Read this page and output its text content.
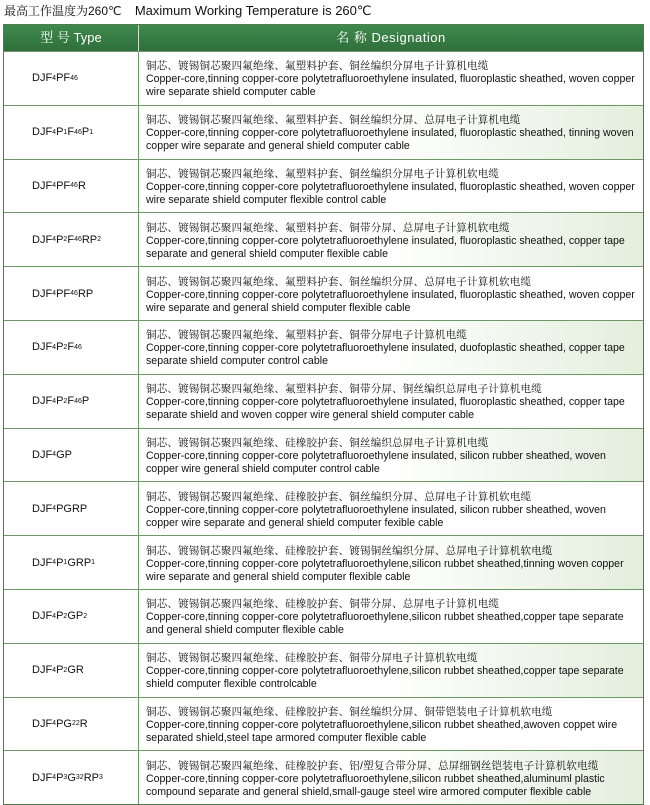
最高工作温度为260℃ Maximum Working Temperature is 260℃
型 号 Type	名 称 Designation
DJF 4 PF 46
铜芯、镀锡铜芯聚四氟绝缘、氟塑料护套、铜丝编织分屏电子计算机电缆
Copper-core,tinning copper-core polytetrafluoroethylene insulated, fluoroplastic sheathed, woven copper wire separate shield computer cable
DJF 4 P 1 F 46 P 1
铜芯、镀锡铜芯聚四氟绝缘、氟塑料护套、铜丝编织分屏、总屏电子计算机电缆
Copper-core,tinning copper-core polytetrafluoroethylene insulated, fluoroplastic sheathed, tinning woven copper wire separate and general shield computer cable
DJF 4 PF 46 R
铜芯、镀锡铜芯聚四氟绝缘、氟塑料护套、铜丝编织分屏电子计算机软电缆
Copper-core,tinning copper-core polytetrafluoroethylene insulated, fluoroplastic sheathed, woven copper wire separate shield computer flexible control cable
DJF 4 P 2 F 46 RP 2
铜芯、镀锡铜芯聚四氟绝缘、氟塑料护套、铜带分屏、总屏电子计算机软电缆
Copper-core,tinning copper-core polytetrafluoroethylene insulated, fluoroplastic sheathed, copper tape separate and general shield computer flexible cable
DJF 4 PF 46 RP
铜芯、镀锡铜芯聚四氟绝缘、氟塑料护套、铜丝编织分屏、总屏电子计算机软电缆
Copper-core,tinning copper-core polytetrafluoroethylene insulated, fluoroplastic sheathed, woven copper wire separate and general shield computer flexible cable
DJF 4 P 2 F 46
铜芯、镀锡铜芯聚四氟绝缘、氟塑料护套、铜带分屏电子计算机电缆
Copper-core,tinning copper-core polytetrafluoroethylene insulated, duofoplastic sheathed, copper tape separate shield computer control cable
DJF 4 P 2 F 46 P
铜芯、镀锡铜芯聚四氟绝缘、氟塑料护套、铜带分屏、铜丝编织总屏电子计算机电缆
Copper-core,tinning copper-core polytetrafluoroethylene insulated, fluoroplastic sheathed, copper tape separate shield and woven copper wire general shield computer cable
DJF 4 GP
铜芯、镀锡铜芯聚四氟绝缘、硅橡胶护套、铜丝编织总屏电子计算机电缆
Copper-core,tinning copper-core polytetrafluoroethylene insulated, silicon rubber sheathed, woven copper wire general shield computer control cable
DJF 4 PGRP
铜芯、镀锡铜芯聚四氟绝缘、硅橡胶护套、铜丝编织分屏、总屏电子计算机软电缆
Copper-core,tinning copper-core polytetrafluoroethylene insulated, silicon rubber sheathed, woven copper wire separate and general shield computer fexible cable
DJF 4 P 1 GRP 1
铜芯、镀锡铜芯聚四氟绝缘、硅橡胶护套、镀锡铜丝编织分屏、总屏电子计算机软电缆
Copper-core,tinning copper-core polytetrafluoroethylene,silicon rubbet sheathed,tinning woven copper wire separate and general shield computer flexible cable
DJF 4 P 2 GP 2
铜芯、镀锡铜芯聚四氟绝缘、硅橡胶护套、铜带分屏、总屏电子计算机电缆
Copper-core,tinning copper-core polytetrafluoroethylene,silicon rubbet sheathed,copper tape separate and general shield computer flexible cable
DJF 4 P 2 GR
铜芯、镀锡铜芯聚四氟绝缘、硅橡胶护套、铜带分屏电子计算机软电缆
Copper-core,tinning copper-core polytetrafluoroethylene,silicon rubbet sheathed,copper tape separate shield computer flexible controlcable
DJF 4 PG 22 R
铜芯、镀锡铜芯聚四氟绝缘、硅橡胶护套、铜丝编织分屏、铜带铠装电子计算机软电缆
Copper-core,tinning copper-core polytetrafluoroethylene,silicon rubbet sheathed,awoven coppet wire separated shield,steel tape armored computer flexible cable
DJF 4 P 3 G 32 RP 3
铜芯、镀锡铜芯聚四氟绝缘、硅橡胶护套、铝/塑复合带分屏、总屏细钢丝铠装电子计算机软电缆
Copper-core,tinning copper-core polytetrafluoroethylene,silicon rubbet sheathed,aluminuml plastic compound separate and general shield,small-gauge steel wire armored computer flexible cable
